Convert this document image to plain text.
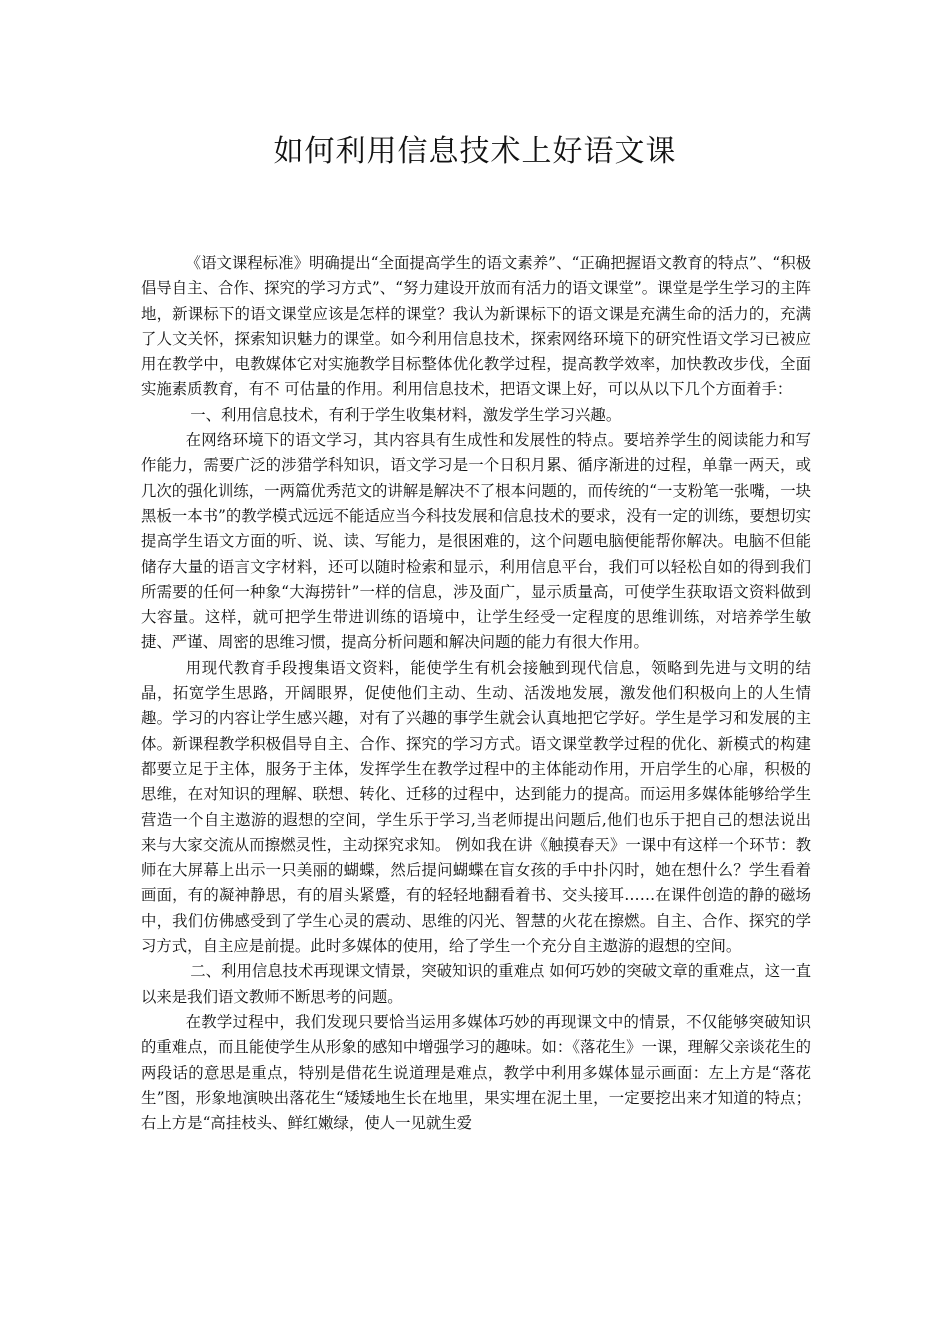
如何利用信息技术上好语文课

《语文课程标准》明确提出“全面提高学生的语文素养”、“正确把握语文教育的特点”、“积极倡导自主、合作、探究的学习方式”、“努力建设开放而有活力的语文课堂”。课堂是学生学习的主阵地，新课标下的语文课堂应该是怎样的课堂？我认为新课标下的语文课是充满生命的活力的，充满了人文关怀，探索知识魅力的课堂。如今利用信息技术，探索网络环境下的研究性语文学习已被应用在教学中，电教媒体它对实施教学目标整体优化教学过程，提高教学效率，加快教改步伐，全面实施素质教育，有不 可估量的作用。利用信息技术，把语文课上好，可以从以下几个方面着手：

一、利用信息技术，有利于学生收集材料，激发学生学习兴趣。

在网络环境下的语文学习，其内容具有生成性和发展性的特点。要培养学生的阅读能力和写作能力，需要广泛的涉猎学科知识，语文学习是一个日积月累、循序渐进的过程，单靠一两天，或几次的强化训练，一两篇优秀范文的讲解是解决不了根本问题的，而传统的“一支粉笔一张嘴，一块黑板一本书”的教学模式远远不能适应当今科技发展和信息技术的要求，没有一定的训练，要想切实提高学生语文方面的听、说、读、写能力，是很困难的，这个问题电脑便能帮你解决。电脑不但能储存大量的语言文字材料，还可以随时检索和显示，利用信息平台，我们可以轻松自如的得到我们所需要的任何一种象“大海捞针”一样的信息，涉及面广，显示质量高，可使学生获取语文资料做到大容量。这样，就可把学生带进训练的语境中，让学生经受一定程度的思维训练，对培养学生敏捷、严谨、周密的思维习惯，提高分析问题和解决问题的能力有很大作用。

用现代教育手段搜集语文资料，能使学生有机会接触到现代信息，领略到先进与文明的结晶，拓宽学生思路，开阔眼界，促使他们主动、生动、活泼地发展，激发他们积极向上的人生情趣。学习的内容让学生感兴趣，对有了兴趣的事学生就会认真地把它学好。学生是学习和发展的主体。新课程教学积极倡导自主、合作、探究的学习方式。语文课堂教学过程的优化、新模式的构建都要立足于主体，服务于主体，发挥学生在教学过程中的主体能动作用，开启学生的心扉，积极的思维，在对知识的理解、联想、转化、迁移的过程中，达到能力的提高。而运用多媒体能够给学生营造一个自主遨游的遐想的空间，学生乐于学习,当老师提出问题后,他们也乐于把自己的想法说出来与大家交流从而擦燃灵性，主动探究求知。 例如我在讲《触摸春天》一课中有这样一个环节：教师在大屏幕上出示一只美丽的蝴蝶，然后提问蝴蝶在盲女孩的手中扑闪时，她在想什么？学生看着画面，有的凝神静思，有的眉头紧蹙，有的轻轻地翻看着书、交头接耳……在课件创造的静的磁场中，我们仿佛感受到了学生心灵的震动、思维的闪光、智慧的火花在擦燃。自主、合作、探究的学习方式，自主应是前提。此时多媒体的使用，给了学生一个充分自主遨游的遐想的空间。

二、利用信息技术再现课文情景，突破知识的重难点 如何巧妙的突破文章的重难点，这一直以来是我们语文教师不断思考的问题。

在教学过程中，我们发现只要恰当运用多媒体巧妙的再现课文中的情景，不仅能够突破知识的重难点，而且能使学生从形象的感知中增强学习的趣味。如：《落花生》一课，理解父亲谈花生的两段话的意思是重点，特别是借花生说道理是难点，教学中利用多媒体显示画面：左上方是“落花生”图，形象地演映出落花生“矮矮地生长在地里，果实埋在泥土里，一定要挖出来才知道的特点；右上方是“高挂枝头、鲜红嫩绿，使人一见就生爱
